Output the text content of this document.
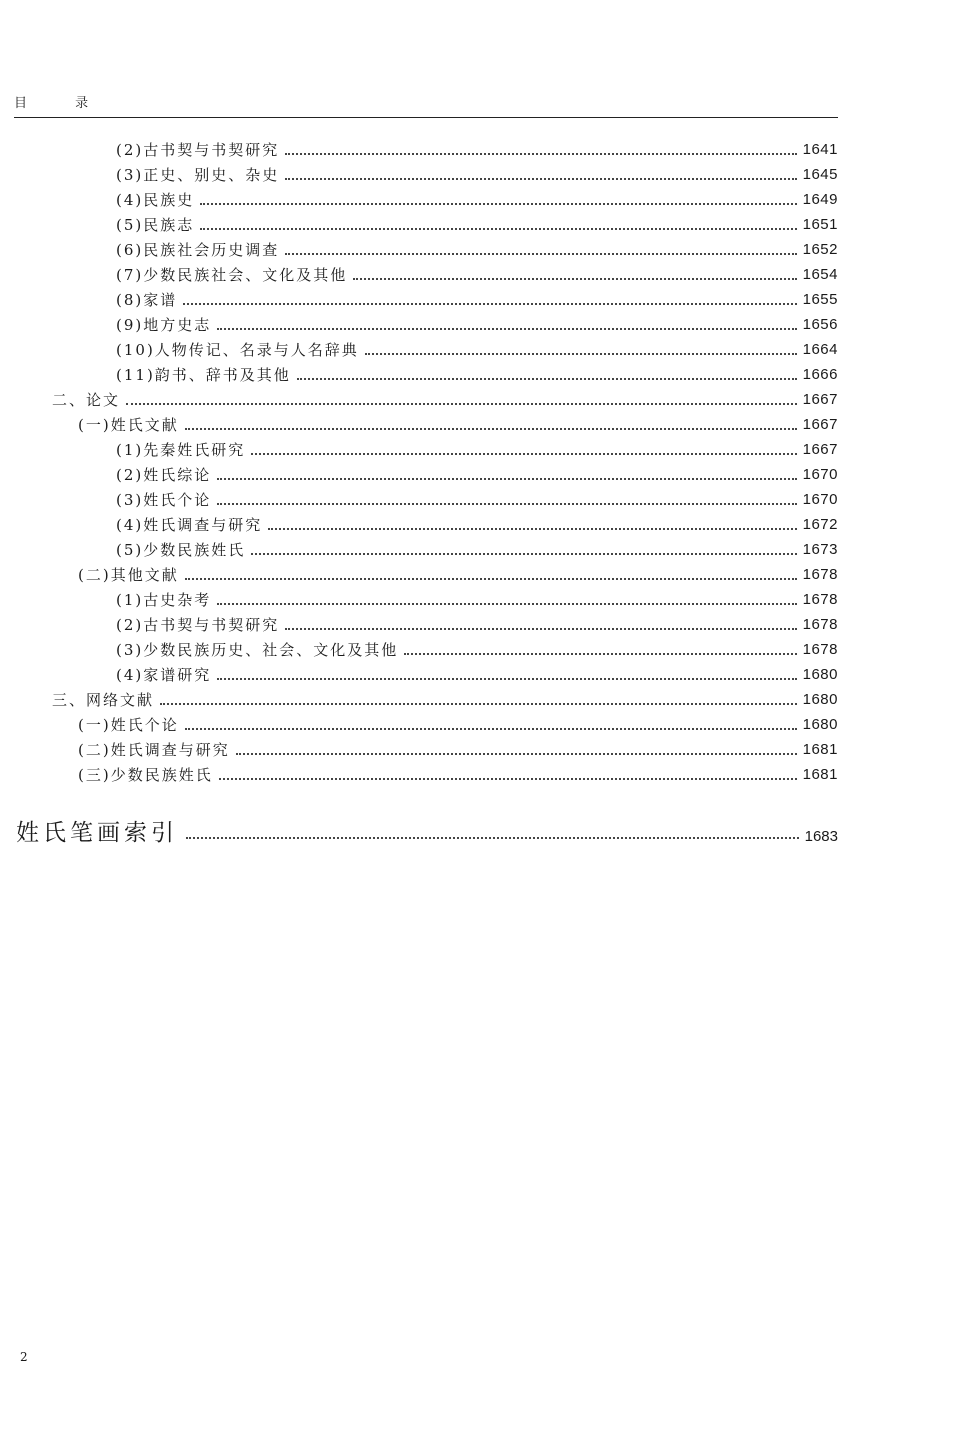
目 录
(2)古书契与书契研究	1641
(3)正史、别史、杂史	1645
(4)民族史	1649
(5)民族志	1651
(6)民族社会历史调查	1652
(7)少数民族社会、文化及其他	1654
(8)家谱	1655
(9)地方史志	1656
(10)人物传记、名录与人名辞典	1664
(11)韵书、辞书及其他	1666
二、论文	1667
(一)姓氏文献	1667
(1)先秦姓氏研究	1667
(2)姓氏综论	1670
(3)姓氏个论	1670
(4)姓氏调查与研究	1672
(5)少数民族姓氏	1673
(二)其他文献	1678
(1)古史杂考	1678
(2)古书契与书契研究	1678
(3)少数民族历史、社会、文化及其他	1678
(4)家谱研究	1680
三、网络文献	1680
(一)姓氏个论	1680
(二)姓氏调查与研究	1681
(三)少数民族姓氏	1681
姓氏笔画索引	1683
2
